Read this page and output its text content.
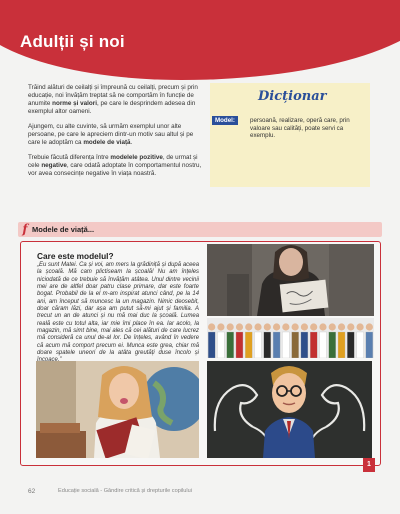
Adulții și noi

Trăind alături de ceilalți și împreună cu ceilalți, precum și prin educație, noi învățăm treptat să ne comportăm în funcție de anumite norme și valori, pe care le desprindem adesea din exemplul altor oameni.

Ajungem, cu alte cuvinte, să urmăm exemplul unor alte persoane, pe care le apreciem dintr-un motiv sau altul și pe care le adoptăm ca modele de viață.

Trebuie făcută diferența între modelele pozitive, de urmat și cele negative, care odată adoptate în comportamentul nostru, vor avea consecințe negative în viața noastră.

Dicționar
Model:	persoană, realizare, operă care, prin valoare sau calități, poate servi ca exemplu.
f Modele de viață...
Care este modelul?
„Eu sunt Matei. Ca și voi, am mers la grădiniță și după aceea la școală. Mă cam plictiseam la școală! Nu am înțeles niciodată de ce trebuie să învățăm atâtea. Unul dintre vecinii mei are de altfel doar patru clase primare, dar este foarte bogat. Probabil de la el m-am inspirat atunci când, pe la 14 ani, am început să muncesc la un magazin. Nimic deosebit, doar căram lăzi, dar așa am putut să-mi ajut și familia. A trecut un an de atunci și nu mă mai duc la școală. Lumea reală este cu totul alta, iar mie îmi place în ea. Iar acolo, la magazin, mă simt bine, mai ales că cei alături de care lucrez mă consideră ca unul de-al lor. De înțeles, având în vedere că acum mă comport precum ei. Munca este grea, chiar mă doare spatele uneori de la atâta greutăți duse încolo și
1
62	Educație socială - Gândire critică și drepturile copilului
